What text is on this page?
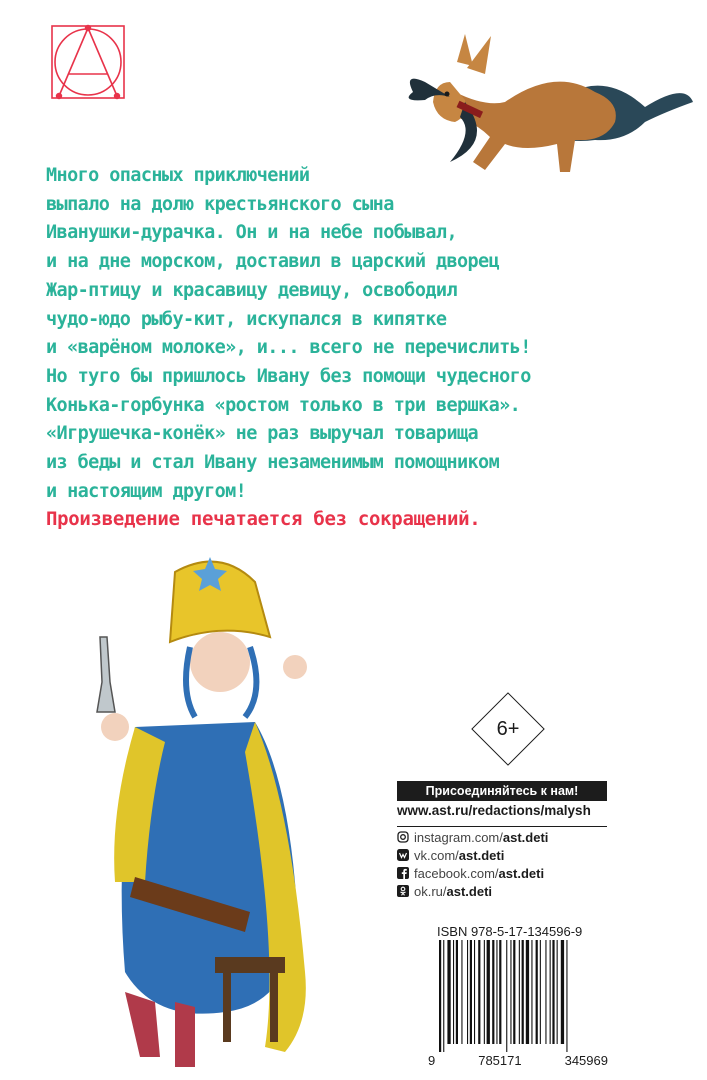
Много опасных приключений
выпало на долю крестьянского сына
Иванушки-дурачка. Он и на небе побывал,
и на дне морском, доставил в царский дворец
Жар-птицу и красавицу девицу, освободил
чудо-юдо рыбу-кит, искупался в кипятке
и «варёном молоке», и... всего не перечислить!
Но туго бы пришлось Ивану без помощи чудесного
Конька-горбунка «ростом только в три вершка».
«Игрушечка-конёк» не раз выручал товарища
из беды и стал Ивану незаменимым помощником
и настоящим другом!
Произведение печатается без сокращений.
6+
Присоединяйтесь к нам!
www.ast.ru/redactions/malysh
instagram.com/ ast.deti
vk.com/ ast.deti
facebook.com/ ast.deti
ok.ru/ ast.deti
ISBN 978-5-17-134596-9
9	785171	345969
